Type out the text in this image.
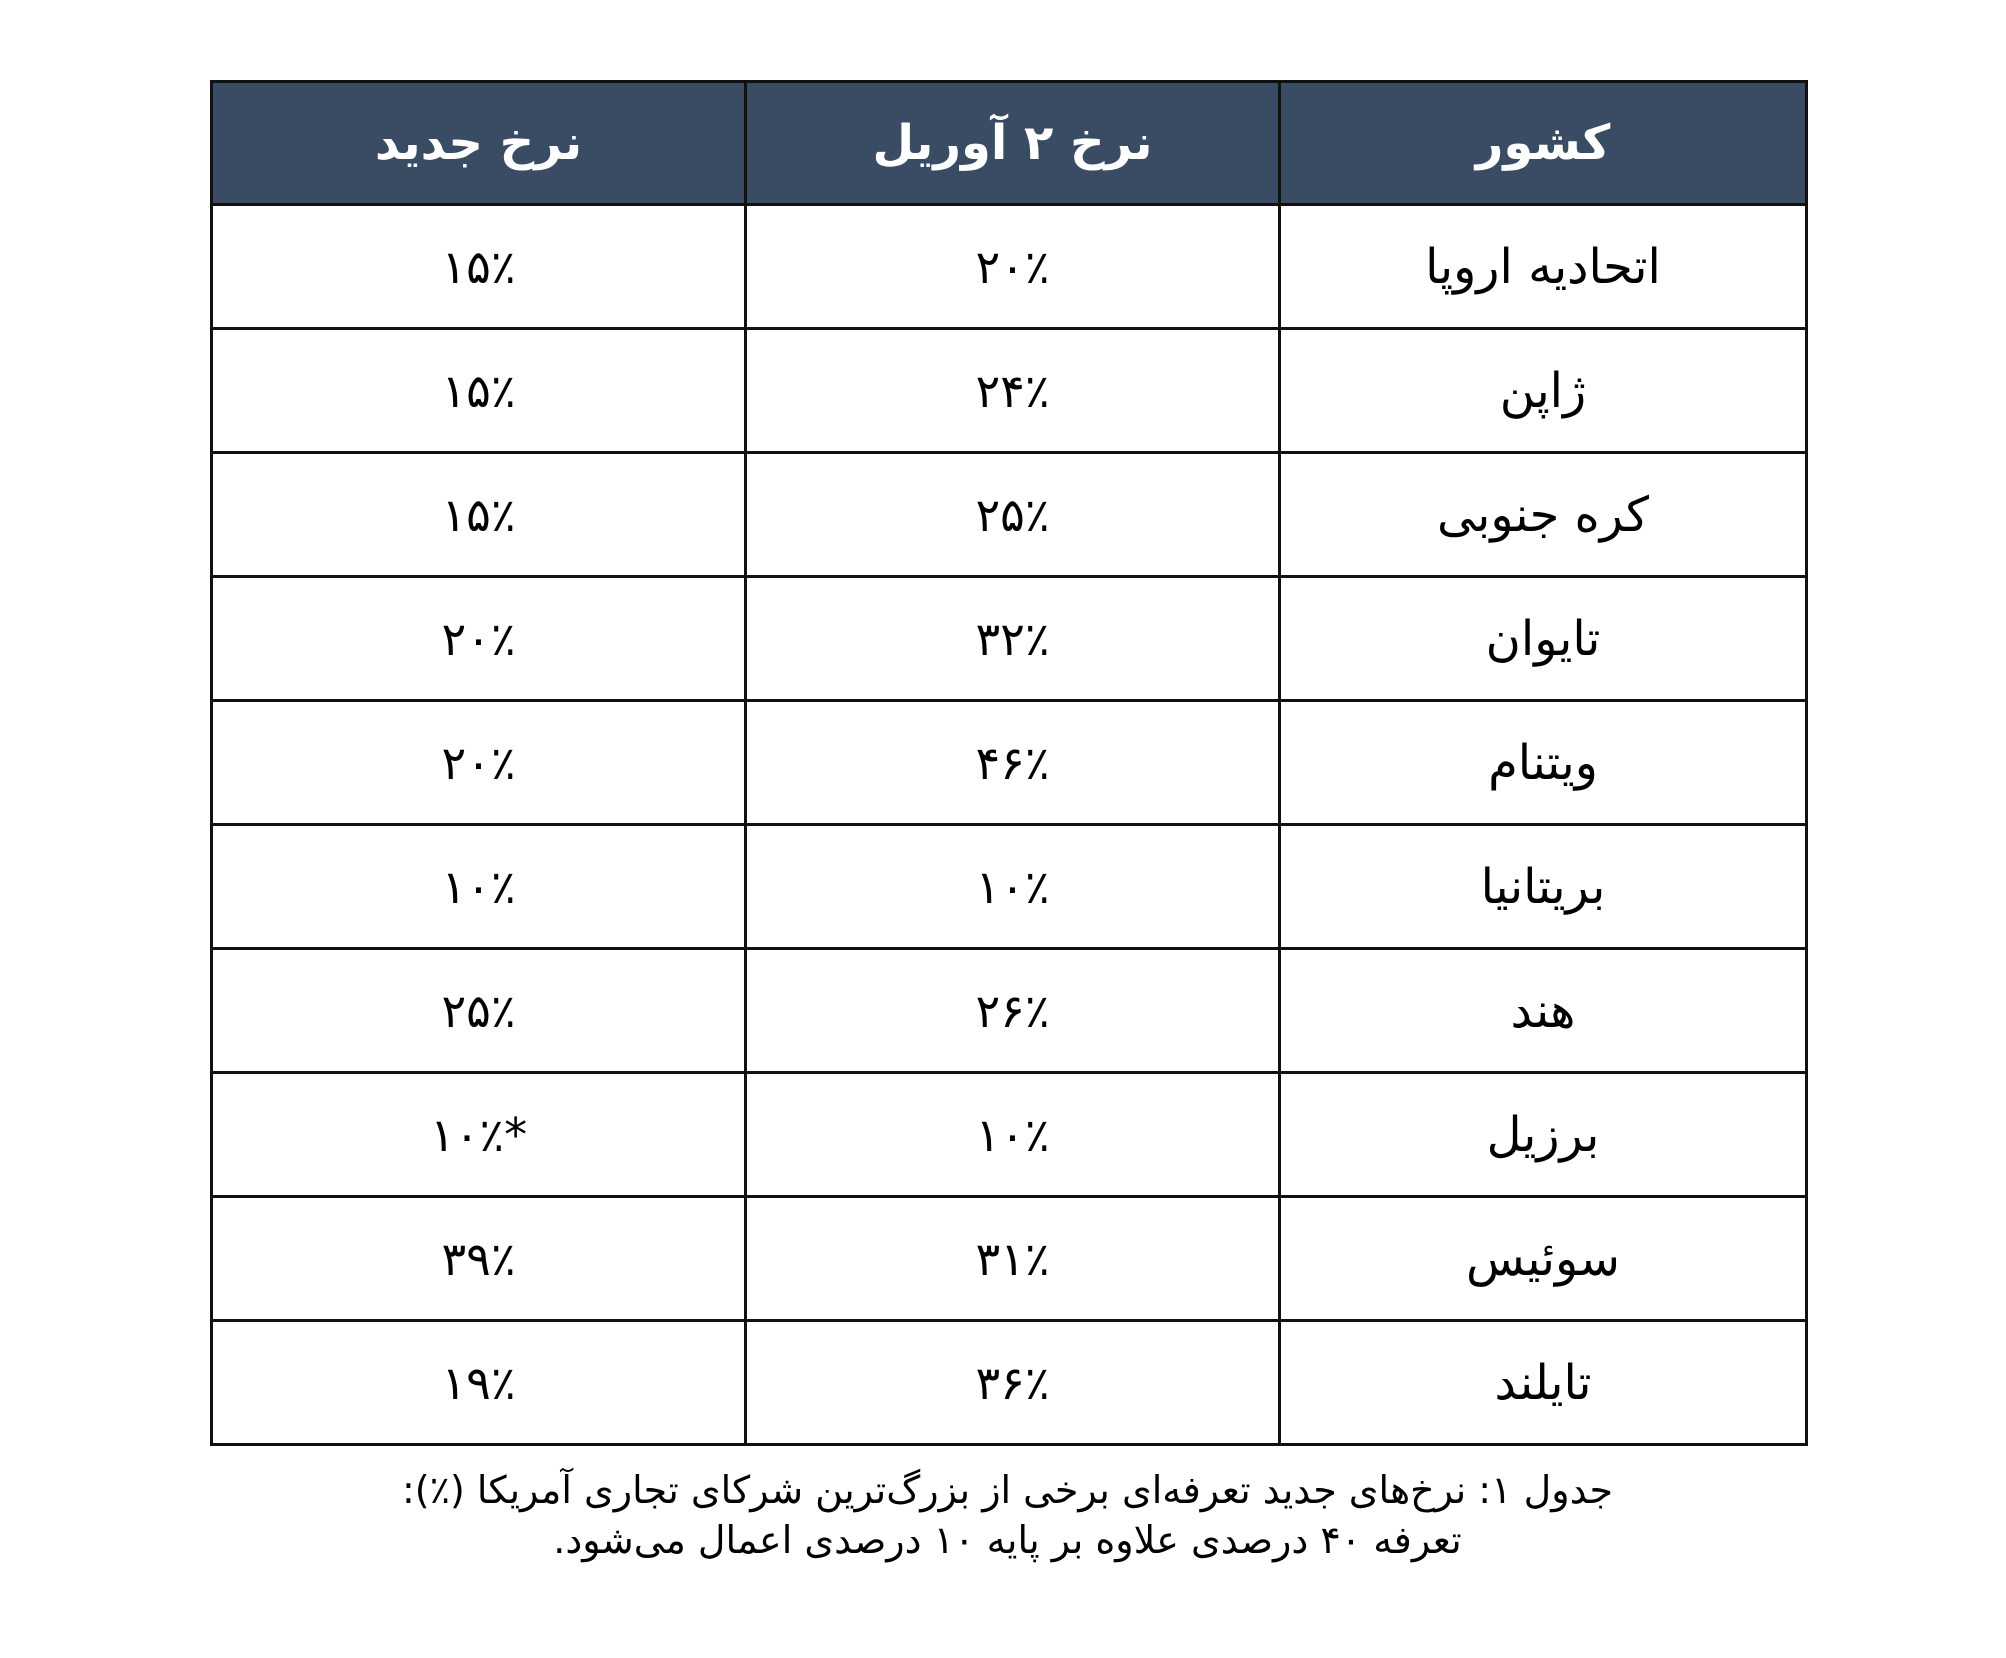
کشور	نرخ ۲ آوریل	نرخ جدید
اتحادیه اروپا	۲۰٪	۱۵٪
ژاپن	۲۴٪	۱۵٪
کره جنوبی	۲۵٪	۱۵٪
تایوان	۳۲٪	۲۰٪
ویتنام	۴۶٪	۲۰٪
بریتانیا	۱۰٪	۱۰٪
هند	۲۶٪	۲۵٪
برزیل	۱۰٪	*۱۰٪
سوئیس	۳۱٪	۳۹٪
تایلند	۳۶٪	۱۹٪
جدول ۱: نرخ‌های جدید تعرفه‌ای برخی از بزرگ‌ترین شرکای تجاری آمریکا (٪):
تعرفه ۴۰ درصدی علاوه بر پایه ۱۰ درصدی اعمال می‌شود.
